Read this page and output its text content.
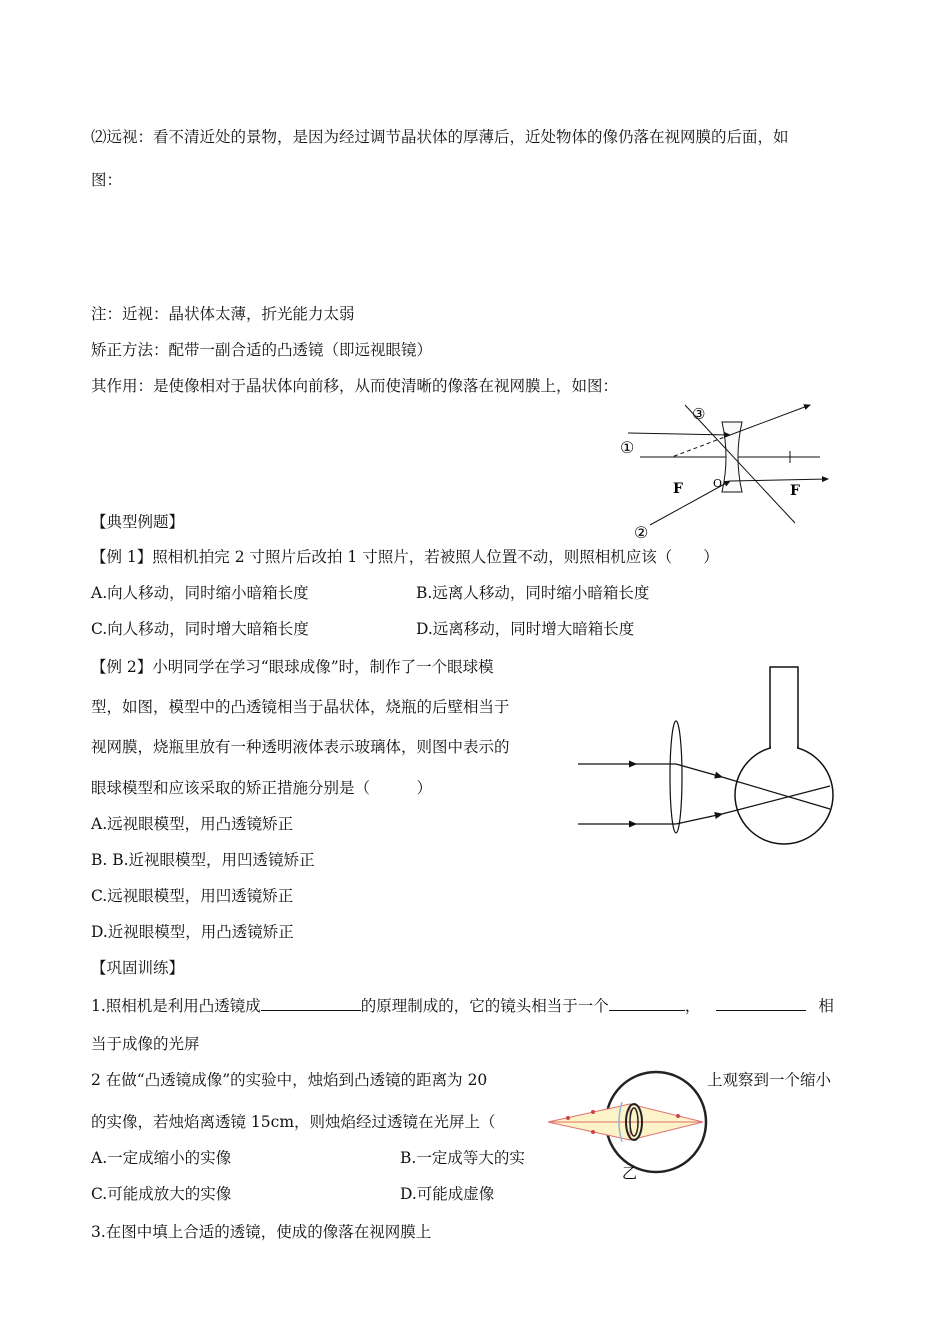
⑵远视：看不清近处的景物，是因为经过调节晶状体的厚薄后，近处物体的像仍落在视网膜的后面，如
图：
注：近视：晶状体太薄，折光能力太弱
矫正方法：配带一副合适的凸透镜（即远视眼镜）
其作用：是使像相对于晶状体向前移，从而使清晰的像落在视网膜上，如图：
③
①
②
F	O	F
【典型例题】
【例 1】照相机拍完 2 寸照片后改拍 1 寸照片，若被照人位置不动，则照相机应该（　　）
A.向人移动，同时缩小暗箱长度	B.远离人移动，同时缩小暗箱长度
C.向人移动，同时增大暗箱长度	D.远离移动，同时增大暗箱长度
【例 2】小明同学在学习“眼球成像”时，制作了一个眼球模
型，如图，模型中的凸透镜相当于晶状体，烧瓶的后壁相当于
视网膜，烧瓶里放有一种透明液体表示玻璃体，则图中表示的
眼球模型和应该采取的矫正措施分别是（　　　）
A.远视眼模型，用凸透镜矫正
B. B.近视眼模型，用凹透镜矫正
C.远视眼模型，用凹透镜矫正
D.近视眼模型，用凸透镜矫正
【巩固训练】
1.照相机是利用凸透镜成	的原理制成的，它的镜头相当于一个	，	相
当于成像的光屏
2 在做“凸透镜成像”的实验中，烛焰到凸透镜的距离为 20	上观察到一个缩小
的实像，若烛焰离透镜 15cm，则烛焰经过透镜在光屏上（
A.一定成缩小的实像	B.一定成等大的实
C.可能成放大的实像	D.可能成虚像
乙
3.在图中填上合适的透镜，使成的像落在视网膜上
